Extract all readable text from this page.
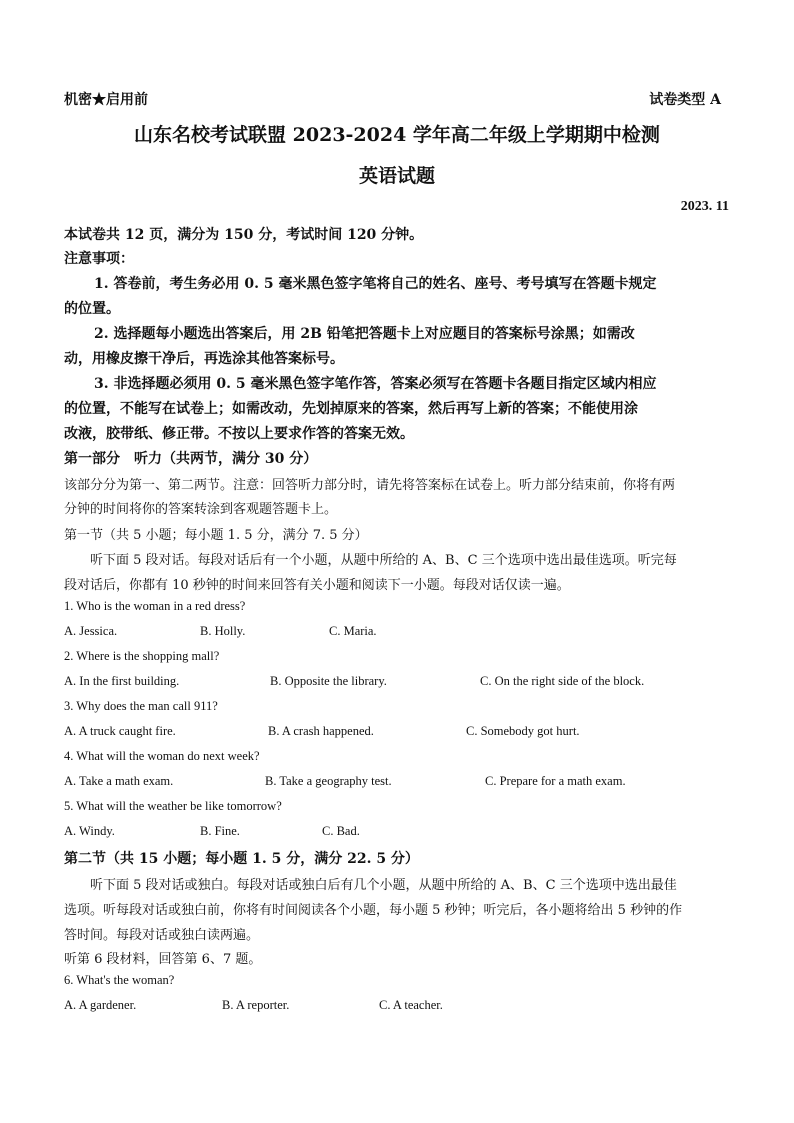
机密★启用前	试卷类型 A
山东名校考试联盟 2023-2024 学年高二年级上学期期中检测
英语试题
2023. 11
本试卷共 12 页，满分为 150 分，考试时间 120 分钟。
注意事项：
1. 答卷前，考生务必用 0. 5 毫米黑色签字笔将自己的姓名、座号、考号填写在答题卡规定
的位置。
2. 选择题每小题选出答案后，用 2B 铅笔把答题卡上对应题目的答案标号涂黑；如需改
动，用橡皮擦干净后，再选涂其他答案标号。
3. 非选择题必须用 0. 5 毫米黑色签字笔作答，答案必须写在答题卡各题目指定区域内相应
的位置，不能写在试卷上；如需改动，先划掉原来的答案，然后再写上新的答案；不能使用涂
改液，胶带纸、修正带。不按以上要求作答的答案无效。
第一部分　听力（共两节，满分 30 分）
该部分分为第一、第二两节。注意：回答听力部分时，请先将答案标在试卷上。听力部分结束前，你将有两
分钟的时间将你的答案转涂到客观题答题卡上。
第一节（共 5 小题；每小题 1. 5 分，满分 7. 5 分）
听下面 5 段对话。每段对话后有一个小题，从题中所给的 A、B、C 三个选项中选出最佳选项。听完每
段对话后，你都有 10 秒钟的时间来回答有关小题和阅读下一小题。每段对话仅读一遍。
1. Who is the woman in a red dress?
A. Jessica.	B. Holly.	C. Maria.
2. Where is the shopping mall?
A. In the first building.	B. Opposite the library.	C. On the right side of the block.
3. Why does the man call 911?
A. A truck caught fire.	B. A crash happened.	C. Somebody got hurt.
4. What will the woman do next week?
A. Take a math exam.	B. Take a geography test.	C. Prepare for a math exam.
5. What will the weather be like tomorrow?
A. Windy.	B. Fine.	C. Bad.
第二节（共 15 小题；每小题 1. 5 分，满分 22. 5 分）
听下面 5 段对话或独白。每段对话或独白后有几个小题，从题中所给的 A、B、C 三个选项中选出最佳
选项。听每段对话或独白前，你将有时间阅读各个小题，每小题 5 秒钟；听完后，各小题将给出 5 秒钟的作
答时间。每段对话或独白读两遍。
听第 6 段材料，回答第 6、7 题。
6. What's the woman?
A. A gardener.	B. A reporter.	C. A teacher.
